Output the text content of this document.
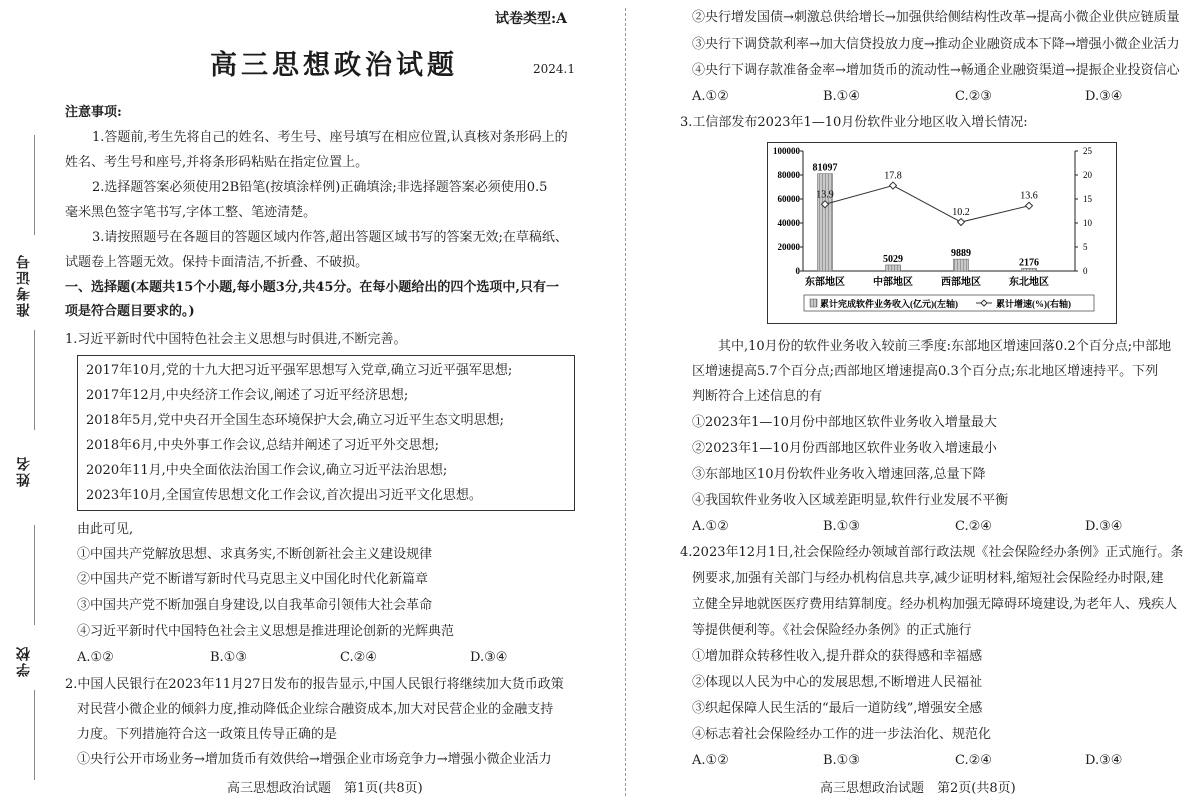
准考证号
姓名
学校
试卷类型:A
高三思想政治试题	2024.1
注意事项:
1.答题前,考生先将自己的姓名、考生号、座号填写在相应位置,认真核对条形码上的
姓名、考生号和座号,并将条形码粘贴在指定位置上。
2.选择题答案必须使用2B铅笔(按填涂样例)正确填涂;非选择题答案必须使用0.5
毫米黑色签字笔书写,字体工整、笔迹清楚。
3.请按照题号在各题目的答题区域内作答,超出答题区域书写的答案无效;在草稿纸、
试题卷上答题无效。保持卡面清洁,不折叠、不破损。
一、选择题(本题共15个小题,每小题3分,共45分。在每小题给出的四个选项中,只有一
项是符合题目要求的。)
1.习近平新时代中国特色社会主义思想与时俱进,不断完善。
2017年10月,党的十九大把习近平强军思想写入党章,确立习近平强军思想;
2017年12月,中央经济工作会议,阐述了习近平经济思想;
2018年5月,党中央召开全国生态环境保护大会,确立习近平生态文明思想;
2018年6月,中央外事工作会议,总结并阐述了习近平外交思想;
2020年11月,中央全面依法治国工作会议,确立习近平法治思想;
2023年10月,全国宣传思想文化工作会议,首次提出习近平文化思想。
由此可见,
①中国共产党解放思想、求真务实,不断创新社会主义建设规律
②中国共产党不断谱写新时代马克思主义中国化时代化新篇章
③中国共产党不断加强自身建设,以自我革命引领伟大社会革命
④习近平新时代中国特色社会主义思想是推进理论创新的光辉典范
A.①②	B.①③	C.②④	D.③④
2.中国人民银行在2023年11月27日发布的报告显示,中国人民银行将继续加大货币政策
对民营小微企业的倾斜力度,推动降低企业综合融资成本,加大对民营企业的金融支持
力度。下列措施符合这一政策且传导正确的是
①央行公开市场业务→增加货币有效供给→增强企业市场竞争力→增强小微企业活力
高三思想政治试题　第1页(共8页)
②央行增发国债→刺激总供给增长→加强供给侧结构性改革→提高小微企业供应链质量
③央行下调贷款利率→加大信贷投放力度→推动企业融资成本下降→增强小微企业活力
④央行下调存款准备金率→增加货币的流动性→畅通企业融资渠道→提振企业投资信心
A.①②	B.①④	C.②③	D.③④
3.工信部发布2023年1—10月份软件业分地区收入增长情况:
0
20000
40000
60000
80000
100000
0
5
10
15
20
25
81097
东部地区
5029
中部地区
9889
西部地区
2176
东北地区
13.9
17.8
10.2
13.6
累计完成软件业务收入(亿元)(左轴)	累计增速(%)(右轴)
其中,10月份的软件业务收入较前三季度:东部地区增速回落0.2个百分点;中部地
区增速提高5.7个百分点;西部地区增速提高0.3个百分点;东北地区增速持平。下列
判断符合上述信息的有
①2023年1—10月份中部地区软件业务收入增量最大
②2023年1—10月份西部地区软件业务收入增速最小
③东部地区10月份软件业务收入增速回落,总量下降
④我国软件业务收入区域差距明显,软件行业发展不平衡
A.①②	B.①③	C.②④	D.③④
4.2023年12月1日,社会保险经办领域首部行政法规《社会保险经办条例》正式施行。条
例要求,加强有关部门与经办机构信息共享,减少证明材料,缩短社会保险经办时限,建
立健全异地就医医疗费用结算制度。经办机构加强无障碍环境建设,为老年人、残疾人
等提供便利等。《社会保险经办条例》的正式施行
①增加群众转移性收入,提升群众的获得感和幸福感
②体现以人民为中心的发展思想,不断增进人民福祉
③织起保障人民生活的“最后一道防线”,增强安全感
④标志着社会保险经办工作的进一步法治化、规范化
A.①②	B.①③	C.②④	D.③④
高三思想政治试题　第2页(共8页)
